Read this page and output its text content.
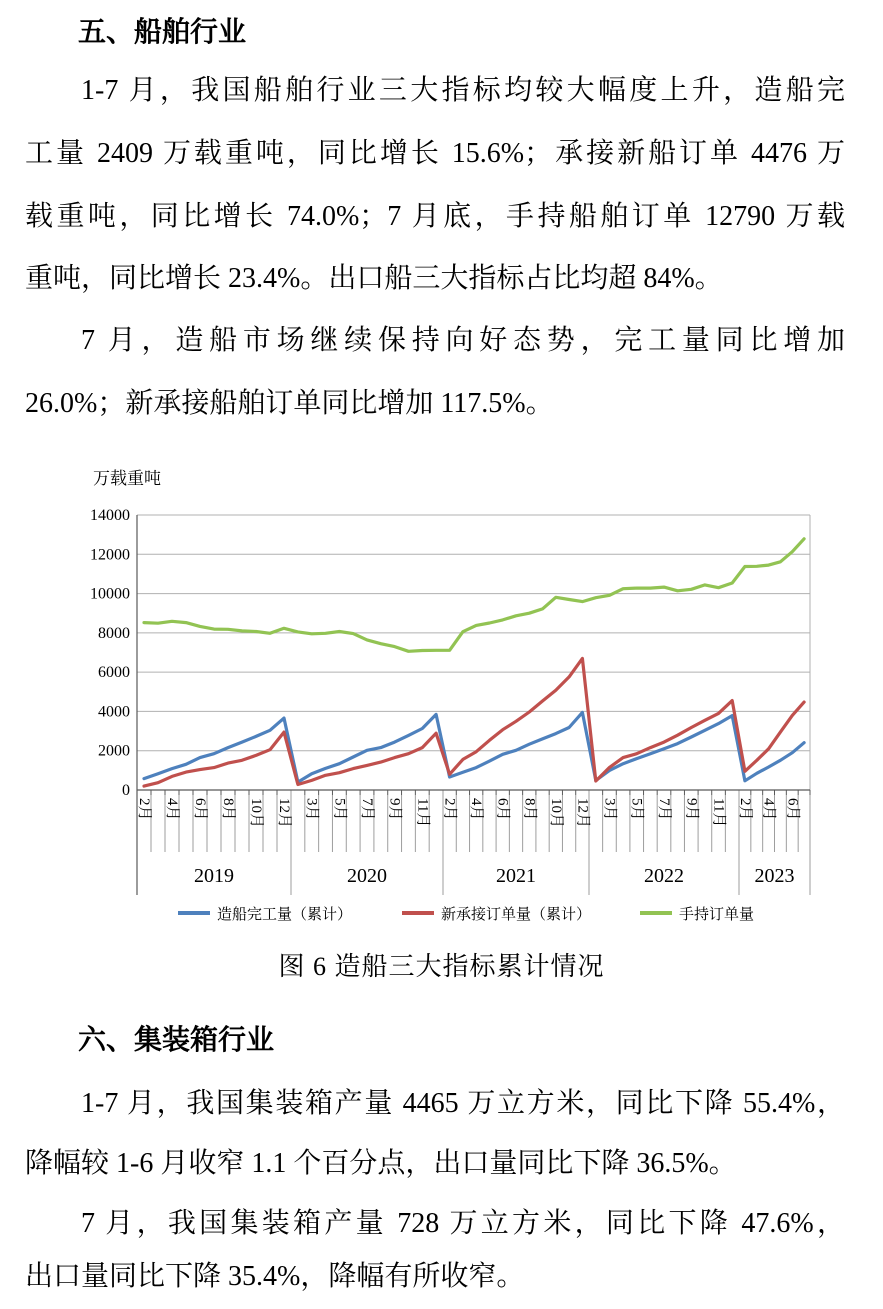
五、船舶行业
1-7 月，我国船舶行业三大指标均较大幅度上升，造船完
工量 2409 万载重吨，同比增长 15.6%；承接新船订单 4476 万
载重吨，同比增长 74.0%；7 月底，手持船舶订单 12790 万载
重吨，同比增长 23.4%。出口船三大指标占比均超 84%。
7 月，造船市场继续保持向好态势，完工量同比增加
26.0%；新承接船舶订单同比增加 117.5%。
万载重吨
0
2000
4000
6000
8000
10000
12000
14000
2月 4月 6月 8月 10月 12月 3月 5月 7月 9月 11月 2月 4月 6月 8月 10月 12月 3月 5月 7月 9月 11月 2月 4月 6月
2019	2020	2021	2022	2023
造船完工量（累计）	新承接订单量（累计）	手持订单量
图 6 造船三大指标累计情况
六、集装箱行业
1-7 月，我国集装箱产量 4465 万立方米，同比下降 55.4%，
降幅较 1-6 月收窄 1.1 个百分点，出口量同比下降 36.5%。
7 月，我国集装箱产量 728 万立方米，同比下降 47.6%，
出口量同比下降 35.4%，降幅有所收窄。
